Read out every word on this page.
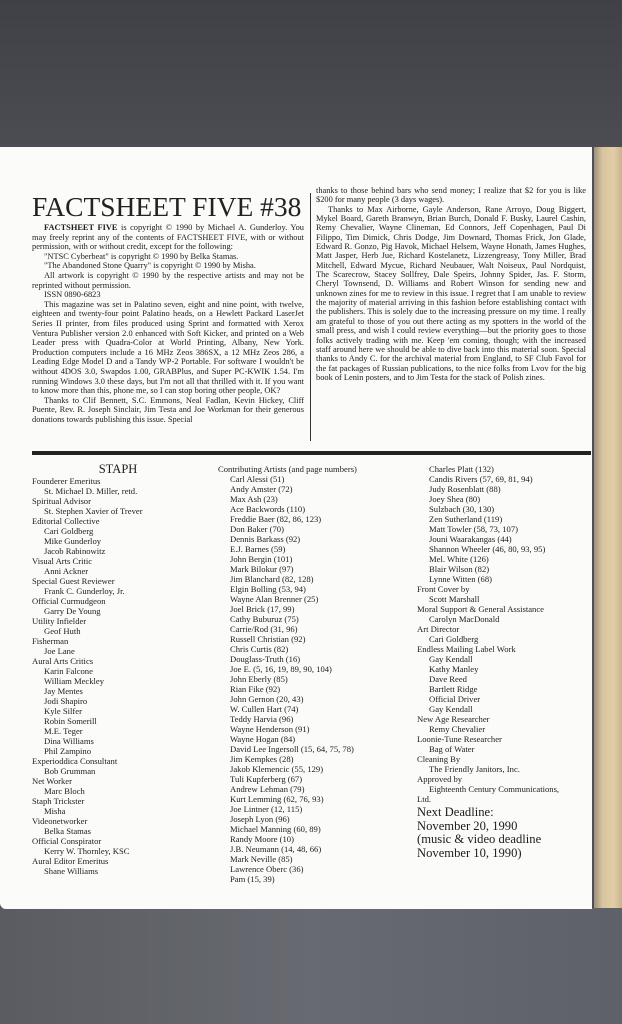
FACTSHEET FIVE #38

FACTSHEET FIVE is copyright © 1990 by Michael A. Gunderloy. You may freely reprint any of the contents of FACTSHEET FIVE, with or without permission, with or without credit, except for the following:

"NTSC Cyberbeat" is copyright © 1990 by Belka Stamas.

"The Abandoned Stone Quarry" is copyright © 1990 by Misha.

All artwork is copyright © 1990 by the respective artists and may not be reprinted without permission.

ISSN 0890-6823

This magazine was set in Palatino seven, eight and nine point, with twelve, eighteen and twenty-four point Palatino heads, on a Hewlett Packard LaserJet Series II printer, from files produced using Sprint and formatted with Xerox Ventura Publisher version 2.0 enhanced with Soft Kicker, and printed on a Web Leader press with Quadra-Color at World Printing, Albany, New York. Production computers include a 16 MHz Zeos 386SX, a 12 MHz Zeos 286, a Leading Edge Model D and a Tandy WP-2 Portable. For software I wouldn't be without 4DOS 3.0, Swapdos 1.00, GRABPlus, and Super PC-KWIK 1.54. I'm running Windows 3.0 these days, but I'm not all that thrilled with it. If you want to know more than this, phone me, so I can stop boring other people, OK?

Thanks to Clif Bennett, S.C. Emmons, Neal Fadlan, Kevin Hickey, Cliff Puente, Rev. R. Joseph Sinclair, Jim Testa and Joe Workman for their generous donations towards publishing this issue. Special

thanks to those behind bars who send money; I realize that $2 for you is like $200 for many people (3 days wages).

Thanks to Max Airborne, Gayle Anderson, Rane Arroyo, Doug Biggert, Mykel Board, Gareth Branwyn, Brian Burch, Donald F. Busky, Laurel Cashin, Remy Chevalier, Wayne Clineman, Ed Connors, Jeff Copenhagen, Paul Di Filippo, Tim Dimick, Chris Dodge, Jim Downard, Thomas Frick, Jon Glade, Edward R. Gonzo, Pig Havok, Michael Helsem, Wayne Honath, James Hughes, Matt Jasper, Herb Jue, Richard Kostelanetz, Lizzengreasy, Tony Miller, Brad Mitchell, Edward Mycue, Richard Neubauer, Walt Noiseux, Paul Nordquist, The Scarecrow, Stacey Sollfrey, Dale Speirs, Johnny Spider, Jas. F. Storm, Cheryl Townsend, D. Williams and Robert Winson for sending new and unknown zines for me to review in this issue. I regret that I am unable to review the majority of material arriving in this fashion before establishing contact with the publishers. This is solely due to the increasing pressure on my time. I really am grateful to those of you out there acting as my spotters in the world of the small press, and wish I could review everything—but the priority goes to those folks actively trading with me. Keep 'em coming, though; with the increased staff around here we should be able to dive back into this material soon. Special thanks to Andy C. for the archival material from England, to SF Club Favol for the fat packages of Russian publications, to the nice folks from Lvov for the big book of Lenin posters, and to Jim Testa for the stack of Polish zines.

STAPH
Founderer Emeritus
St. Michael D. Miller, retd.
Spiritual Advisor
St. Stephen Xavier of Trever
Editorial Collective
Cari Goldberg
Mike Gunderloy
Jacob Rabinowitz
Visual Arts Critic
Anni Ackner
Special Guest Reviewer
Frank C. Gunderloy, Jr.
Official Curmudgeon
Garry De Young
Utility Infielder
Geof Huth
Fisherman
Joe Lane
Aural Arts Critics
Karin Falcone
William Meckley
Jay Mentes
Jodi Shapiro
Kyle Silfer
Robin Somerill
M.E. Teger
Dina Williams
Phil Zampino
Experioddica Consultant
Bob Grumman
Net Worker
Marc Bloch
Staph Trickster
Misha
Videonetworker
Belka Stamas
Official Conspirator
Kerry W. Thornley, KSC
Aural Editor Emeritus
Shane Williams
Contributing Artists (and page numbers)
Carl Alessi (51)
Andy Amster (72)
Max Ash (23)
Ace Backwords (110)
Freddie Baer (82, 86, 123)
Don Baker (70)
Dennis Barkass (92)
E.J. Barnes (59)
John Bergin (101)
Mark Bilokur (97)
Jim Blanchard (82, 128)
Elgin Bolling (53, 94)
Wayne Alan Brenner (25)
Joel Brick (17, 99)
Cathy Buburuz (75)
Carrie/Rod (31, 96)
Russell Christian (92)
Chris Curtis (82)
Douglass-Truth (16)
Joe E. (5, 16, 19, 89, 90, 104)
John Eberly (85)
Rian Fike (92)
John Gernon (20, 43)
W. Cullen Hart (74)
Teddy Harvia (96)
Wayne Henderson (91)
Wayne Hogan (84)
David Lee Ingersoll (15, 64, 75, 78)
Jim Kempkes (28)
Jakob Klemencic (55, 129)
Tuli Kupferberg (67)
Andrew Lehman (79)
Kurt Lemming (62, 76, 93)
Joe Lintner (12, 115)
Joseph Lyon (96)
Michael Manning (60, 89)
Randy Moore (10)
J.B. Neumann (14, 48, 66)
Mark Neville (85)
Lawrence Oberc (36)
Pam (15, 39)
Charles Platt (132)
Candis Rivers (57, 69, 81, 94)
Judy Rosenblatt (88)
Joey Shea (80)
Sulzbach (30, 130)
Zen Sutherland (119)
Matt Towler (58, 73, 107)
Jouni Waarakangas (44)
Shannon Wheeler (46, 80, 93, 95)
Mel. White (126)
Blair Wilson (82)
Lynne Witten (68)
Front Cover by
Scott Marshall
Moral Support & General Assistance
Carolyn MacDonald
Art Director
Cari Goldberg
Endless Mailing Label Work
Gay Kendall
Kathy Manley
Dave Reed
Bartlett Ridge
Official Driver
Gay Kendall
New Age Researcher
Remy Chevalier
Loonie-Tune Researcher
Bag of Water
Cleaning By
The Friendly Janitors, Inc.
Approved by
Eighteenth Century Communications,
Ltd.
Next Deadline:
November 20, 1990
(music & video deadline
November 10, 1990)
